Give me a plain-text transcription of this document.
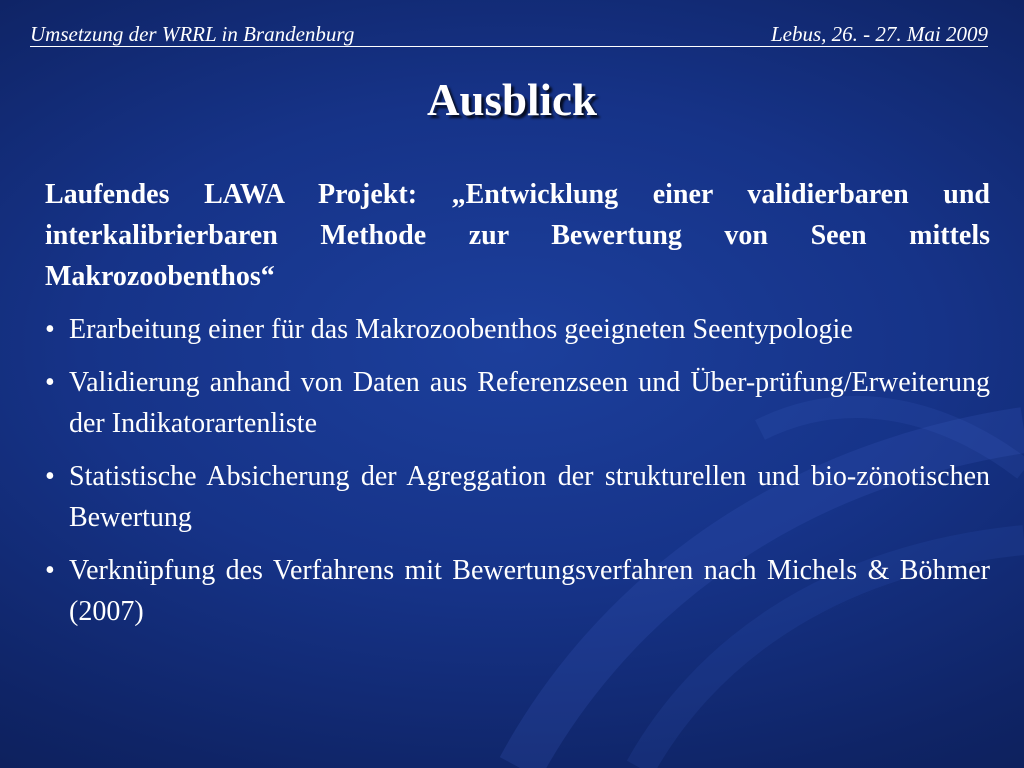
Umsetzung der WRRL in Brandenburg	Lebus, 26. - 27. Mai 2009
Ausblick
Laufendes LAWA Projekt: „Entwicklung einer validierbaren und interkalibrierbaren Methode zur Bewertung von Seen mittels Makrozoobenthos“
• Erarbeitung einer für das Makrozoobenthos geeigneten Seentypologie
• Validierung anhand von Daten aus Referenzseen und Über-prüfung/Erweiterung der Indikatorartenliste
• Statistische Absicherung der Agreggation der strukturellen und bio-zönotischen Bewertung
• Verknüpfung des Verfahrens mit Bewertungsverfahren nach Michels & Böhmer (2007)
